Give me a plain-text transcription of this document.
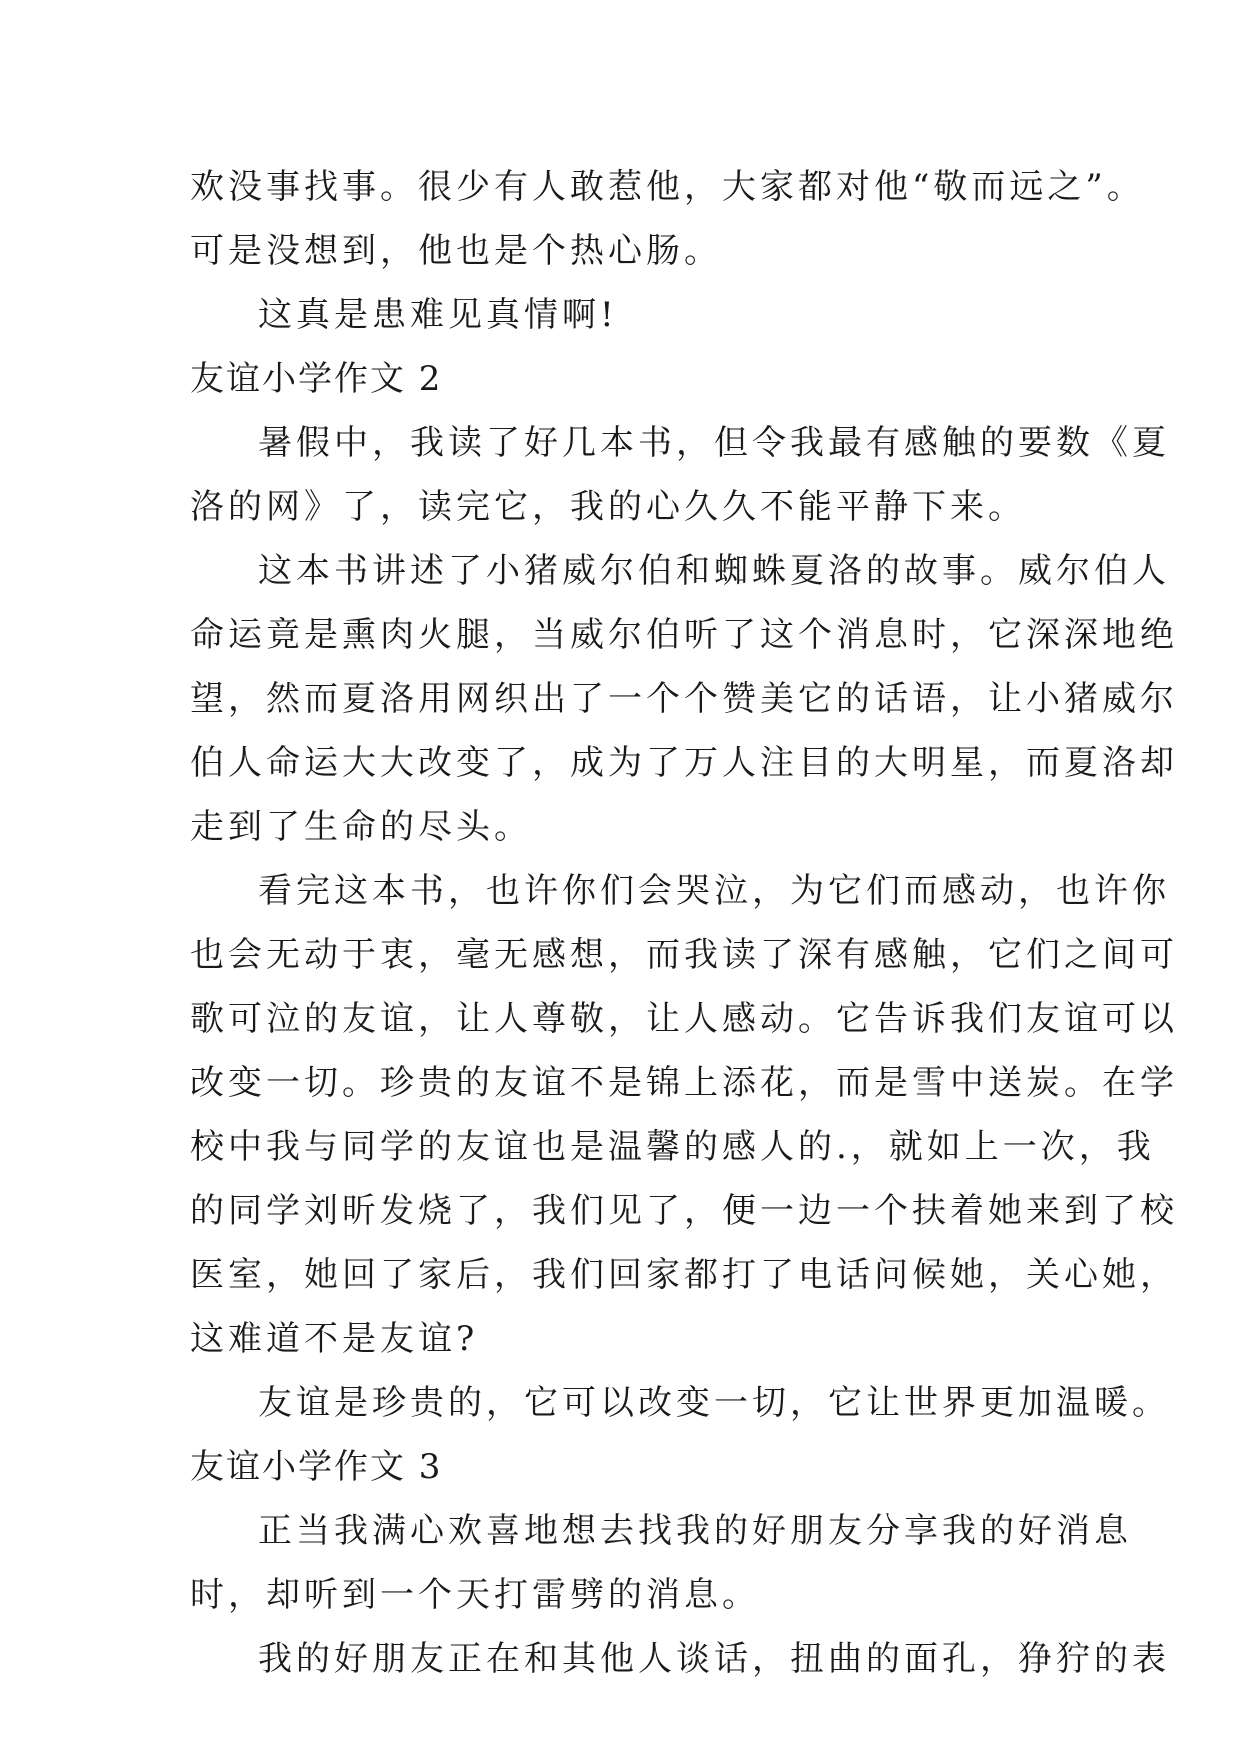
欢没事找事。很少有人敢惹他，大家都对他“敬而远之”。
可是没想到，他也是个热心肠。
这真是患难见真情啊!
友谊小学作文 2
暑假中，我读了好几本书，但令我最有感触的要数《夏
洛的网》了，读完它，我的心久久不能平静下来。
这本书讲述了小猪威尔伯和蜘蛛夏洛的故事。威尔伯人
命运竟是熏肉火腿，当威尔伯听了这个消息时，它深深地绝
望，然而夏洛用网织出了一个个赞美它的话语，让小猪威尔
伯人命运大大改变了，成为了万人注目的大明星，而夏洛却
走到了生命的尽头。
看完这本书，也许你们会哭泣，为它们而感动，也许你
也会无动于衷，毫无感想，而我读了深有感触，它们之间可
歌可泣的友谊，让人尊敬，让人感动。它告诉我们友谊可以
改变一切。珍贵的友谊不是锦上添花，而是雪中送炭。在学
校中我与同学的友谊也是温馨的感人的.，就如上一次，我
的同学刘昕发烧了，我们见了，便一边一个扶着她来到了校
医室，她回了家后，我们回家都打了电话问候她，关心她，
这难道不是友谊?
友谊是珍贵的，它可以改变一切，它让世界更加温暖。
友谊小学作文 3
正当我满心欢喜地想去找我的好朋友分享我的好消息
时，却听到一个天打雷劈的消息。
我的好朋友正在和其他人谈话，扭曲的面孔，狰狞的表
